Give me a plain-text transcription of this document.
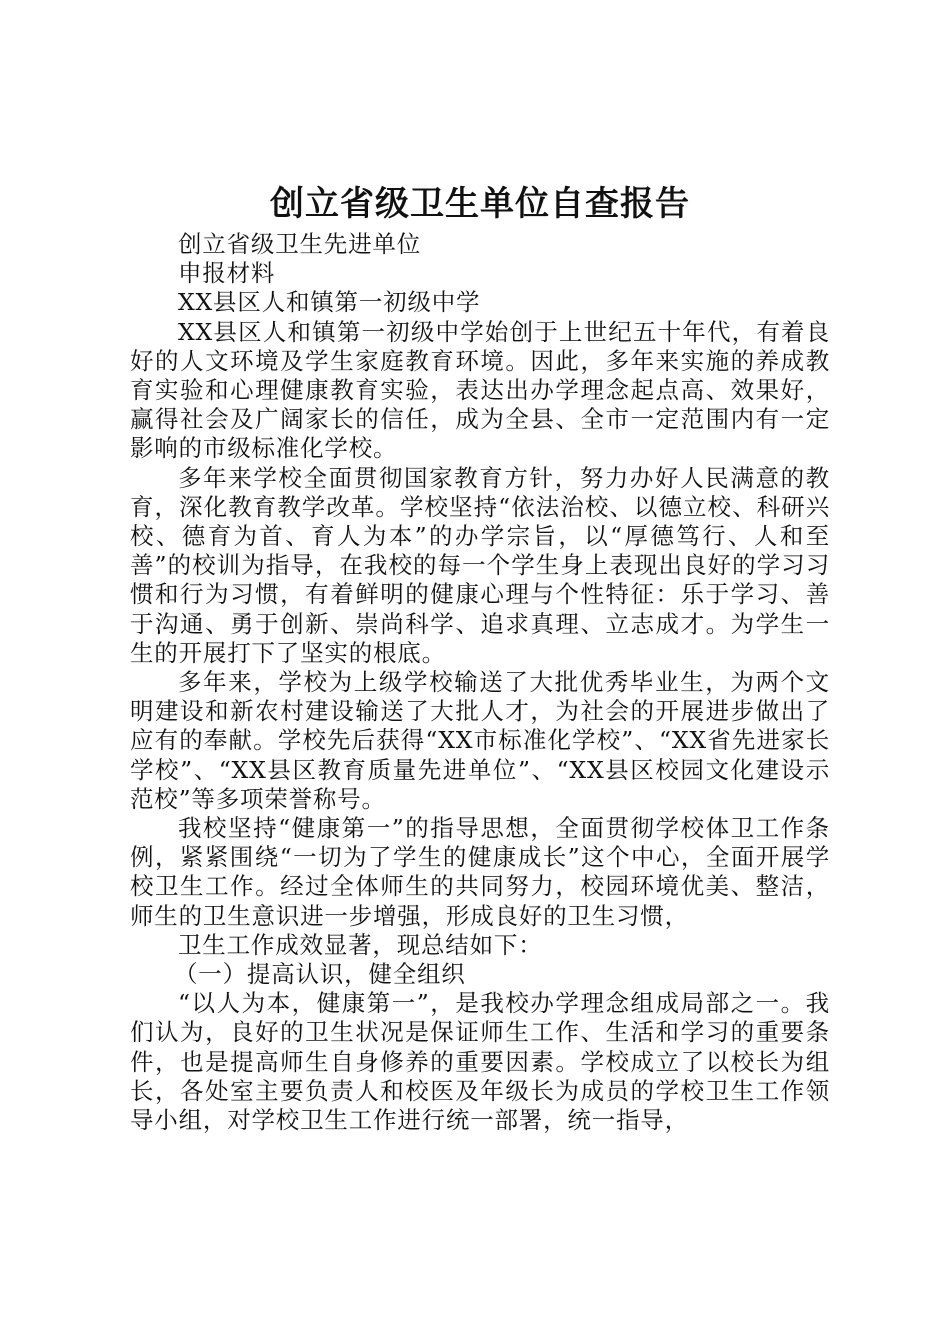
创立省级卫生单位自查报告
创立省级卫生先进单位
申报材料
XX县区人和镇第一初级中学

XX县区人和镇第一初级中学始创于上世纪五十年代，有着良好的人文环境及学生家庭教育环境。因此，多年来实施的养成教育实验和心理健康教育实验，表达出办学理念起点高、效果好，赢得社会及广阔家长的信任，成为全县、全市一定范围内有一定影响的市级标准化学校。

多年来学校全面贯彻国家教育方针，努力办好人民满意的教育，深化教育教学改革。学校坚持“依法治校、以德立校、科研兴校、德育为首、育人为本”的办学宗旨，以“厚德笃行、人和至善”的校训为指导，在我校的每一个学生身上表现出良好的学习习惯和行为习惯，有着鲜明的健康心理与个性特征：乐于学习、善于沟通、勇于创新、崇尚科学、追求真理、立志成才。为学生一生的开展打下了坚实的根底。

多年来，学校为上级学校输送了大批优秀毕业生，为两个文明建设和新农村建设输送了大批人才，为社会的开展进步做出了应有的奉献。学校先后获得“XX市标准化学校”、“XX省先进家长学校”、“XX县区教育质量先进单位”、“XX县区校园文化建设示范校”等多项荣誉称号。

我校坚持“健康第一”的指导思想，全面贯彻学校体卫工作条例，紧紧围绕“一切为了学生的健康成长”这个中心，全面开展学校卫生工作。经过全体师生的共同努力，校园环境优美、整洁，师生的卫生意识进一步增强，形成良好的卫生习惯，

卫生工作成效显著，现总结如下：

（一）提高认识，健全组织

“以人为本，健康第一”，是我校办学理念组成局部之一。我们认为，良好的卫生状况是保证师生工作、生活和学习的重要条件，也是提高师生自身修养的重要因素。学校成立了以校长为组长，各处室主要负责人和校医及年级长为成员的学校卫生工作领导小组，对学校卫生工作进行统一部署，统一指导，
